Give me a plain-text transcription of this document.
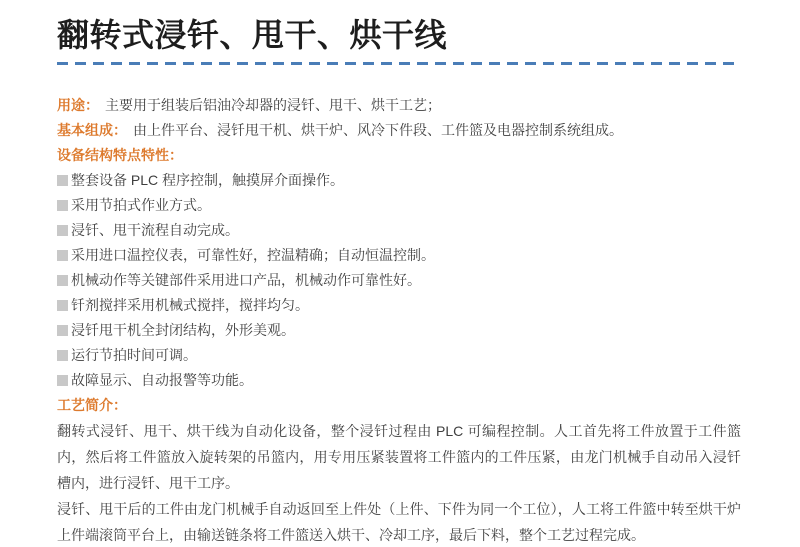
翻转式浸钎、甩干、烘干线

用途： 主要用于组装后铝油冷却器的浸钎、甩干、烘干工艺；

基本组成： 由上件平台、浸钎甩干机、烘干炉、风冷下件段、工件篮及电器控制系统组成。

设备结构特点特性：

整套设备 PLC 程序控制，触摸屏介面操作。
采用节拍式作业方式。
浸钎、甩干流程自动完成。
采用进口温控仪表，可靠性好，控温精确；自动恒温控制。
机械动作等关键部件采用进口产品，机械动作可靠性好。
钎剂搅拌采用机械式搅拌，搅拌均匀。
浸钎甩干机全封闭结构，外形美观。
运行节拍时间可调。
故障显示、自动报警等功能。

工艺简介：

翻转式浸钎、甩干、烘干线为自动化设备，整个浸钎过程由 PLC 可编程控制。人工首先将工件放置于工件篮内，然后将工件篮放入旋转架的吊篮内，用专用压紧装置将工件篮内的工件压紧，由龙门机械手自动吊入浸钎槽内，进行浸钎、甩干工序。

浸钎、甩干后的工件由龙门机械手自动返回至上件处（上件、下件为同一个工位），人工将工件篮中转至烘干炉上件端滚筒平台上，由输送链条将工件篮送入烘干、冷却工序，最后下料，整个工艺过程完成。
